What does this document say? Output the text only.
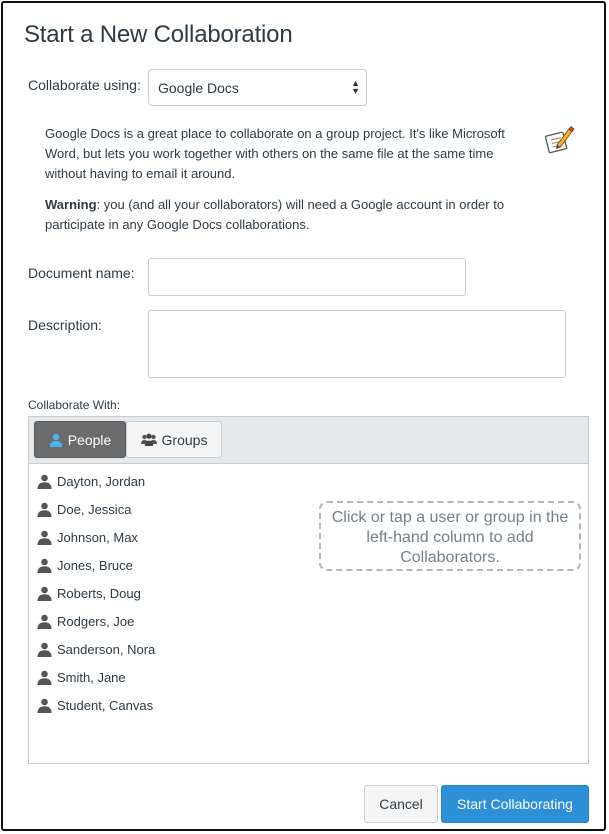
Start a New Collaboration
Collaborate using:	Google Docs	▲
▼
Google Docs is a great place to collaborate on a group project. It's like Microsoft Word, but lets you work together with others on the same file at the same time without having to email it around.
Warning: you (and all your collaborators) will need a Google account in order to participate in any Google Docs collaborations.
Document name:
Description:
Collaborate With:
People	Groups
Dayton, Jordan
Doe, Jessica
Johnson, Max
Jones, Bruce
Roberts, Doug
Rodgers, Joe
Sanderson, Nora
Smith, Jane
Student, Canvas
Click or tap a user or group in the left-hand column to add Collaborators.
Cancel	Start Collaborating
